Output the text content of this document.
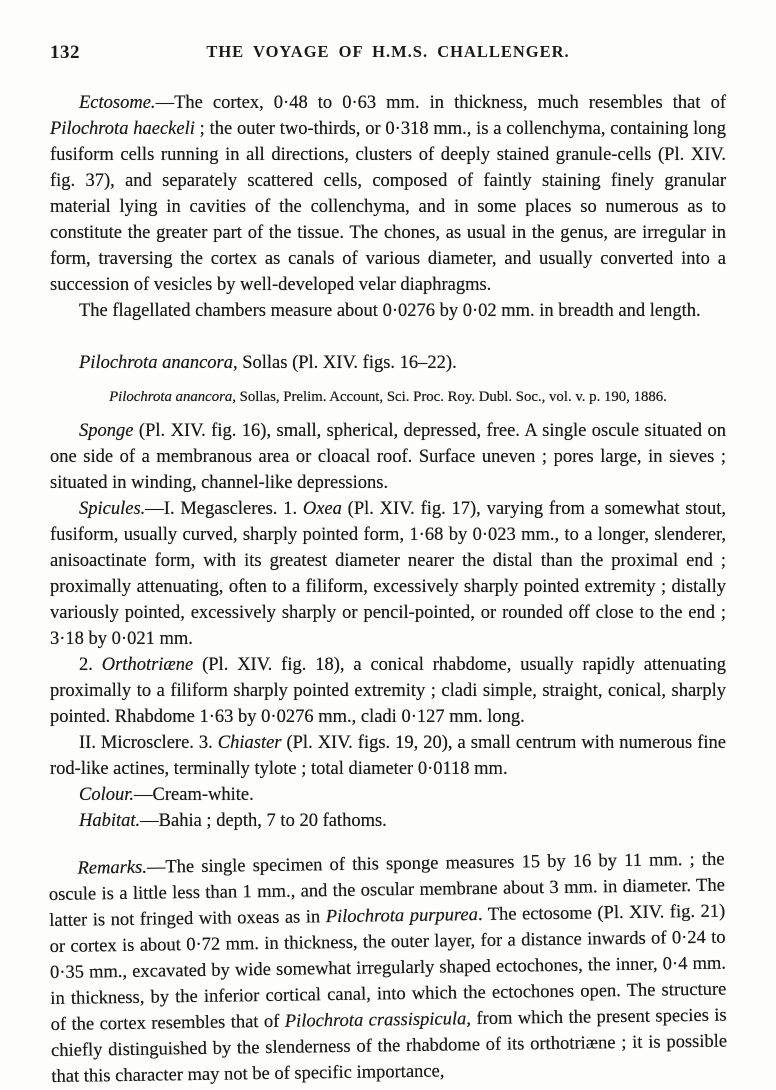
132	THE VOYAGE OF H.M.S. CHALLENGER.

Ectosome.—The cortex, 0·48 to 0·63 mm. in thickness, much resembles that of Pilochrota haeckeli ; the outer two-thirds, or 0·318 mm., is a collenchyma, containing long fusiform cells running in all directions, clusters of deeply stained granule-cells (Pl. XIV. fig. 37), and separately scattered cells, composed of faintly staining finely granular material lying in cavities of the collenchyma, and in some places so numerous as to constitute the greater part of the tissue. The chones, as usual in the genus, are irregular in form, traversing the cortex as canals of various diameter, and usually converted into a succession of vesicles by well-developed velar diaphragms.

The flagellated chambers measure about 0·0276 by 0·02 mm. in breadth and length.

Pilochrota anancora, Sollas (Pl. XIV. figs. 16–22).

Pilochrota anancora, Sollas, Prelim. Account, Sci. Proc. Roy. Dubl. Soc., vol. v. p. 190, 1886.

Sponge (Pl. XIV. fig. 16), small, spherical, depressed, free. A single oscule situated on one side of a membranous area or cloacal roof. Surface uneven ; pores large, in sieves ; situated in winding, channel-like depressions.

Spicules.—I. Megascleres. 1. Oxea (Pl. XIV. fig. 17), varying from a somewhat stout, fusiform, usually curved, sharply pointed form, 1·68 by 0·023 mm., to a longer, slenderer, anisoactinate form, with its greatest diameter nearer the distal than the proximal end ; proximally attenuating, often to a filiform, excessively sharply pointed extremity ; distally variously pointed, excessively sharply or pencil-pointed, or rounded off close to the end ; 3·18 by 0·021 mm.

2. Orthotriæne (Pl. XIV. fig. 18), a conical rhabdome, usually rapidly attenuating proximally to a filiform sharply pointed extremity ; cladi simple, straight, conical, sharply pointed. Rhabdome 1·63 by 0·0276 mm., cladi 0·127 mm. long.

II. Microsclere. 3. Chiaster (Pl. XIV. figs. 19, 20), a small centrum with numerous fine rod-like actines, terminally tylote ; total diameter 0·0118 mm.

Colour.—Cream-white.

Habitat.—Bahia ; depth, 7 to 20 fathoms.

Remarks.—The single specimen of this sponge measures 15 by 16 by 11 mm. ; the oscule is a little less than 1 mm., and the oscular membrane about 3 mm. in diameter. The latter is not fringed with oxeas as in Pilochrota purpurea. The ectosome (Pl. XIV. fig. 21) or cortex is about 0·72 mm. in thickness, the outer layer, for a distance inwards of 0·24 to 0·35 mm., excavated by wide somewhat irregularly shaped ectochones, the inner, 0·4 mm. in thickness, by the inferior cortical canal, into which the ectochones open. The structure of the cortex resembles that of Pilochrota crassispicula, from which the present species is chiefly distinguished by the slenderness of the rhabdome of its orthotriæne ; it is possible that this character may not be of specific importance,
